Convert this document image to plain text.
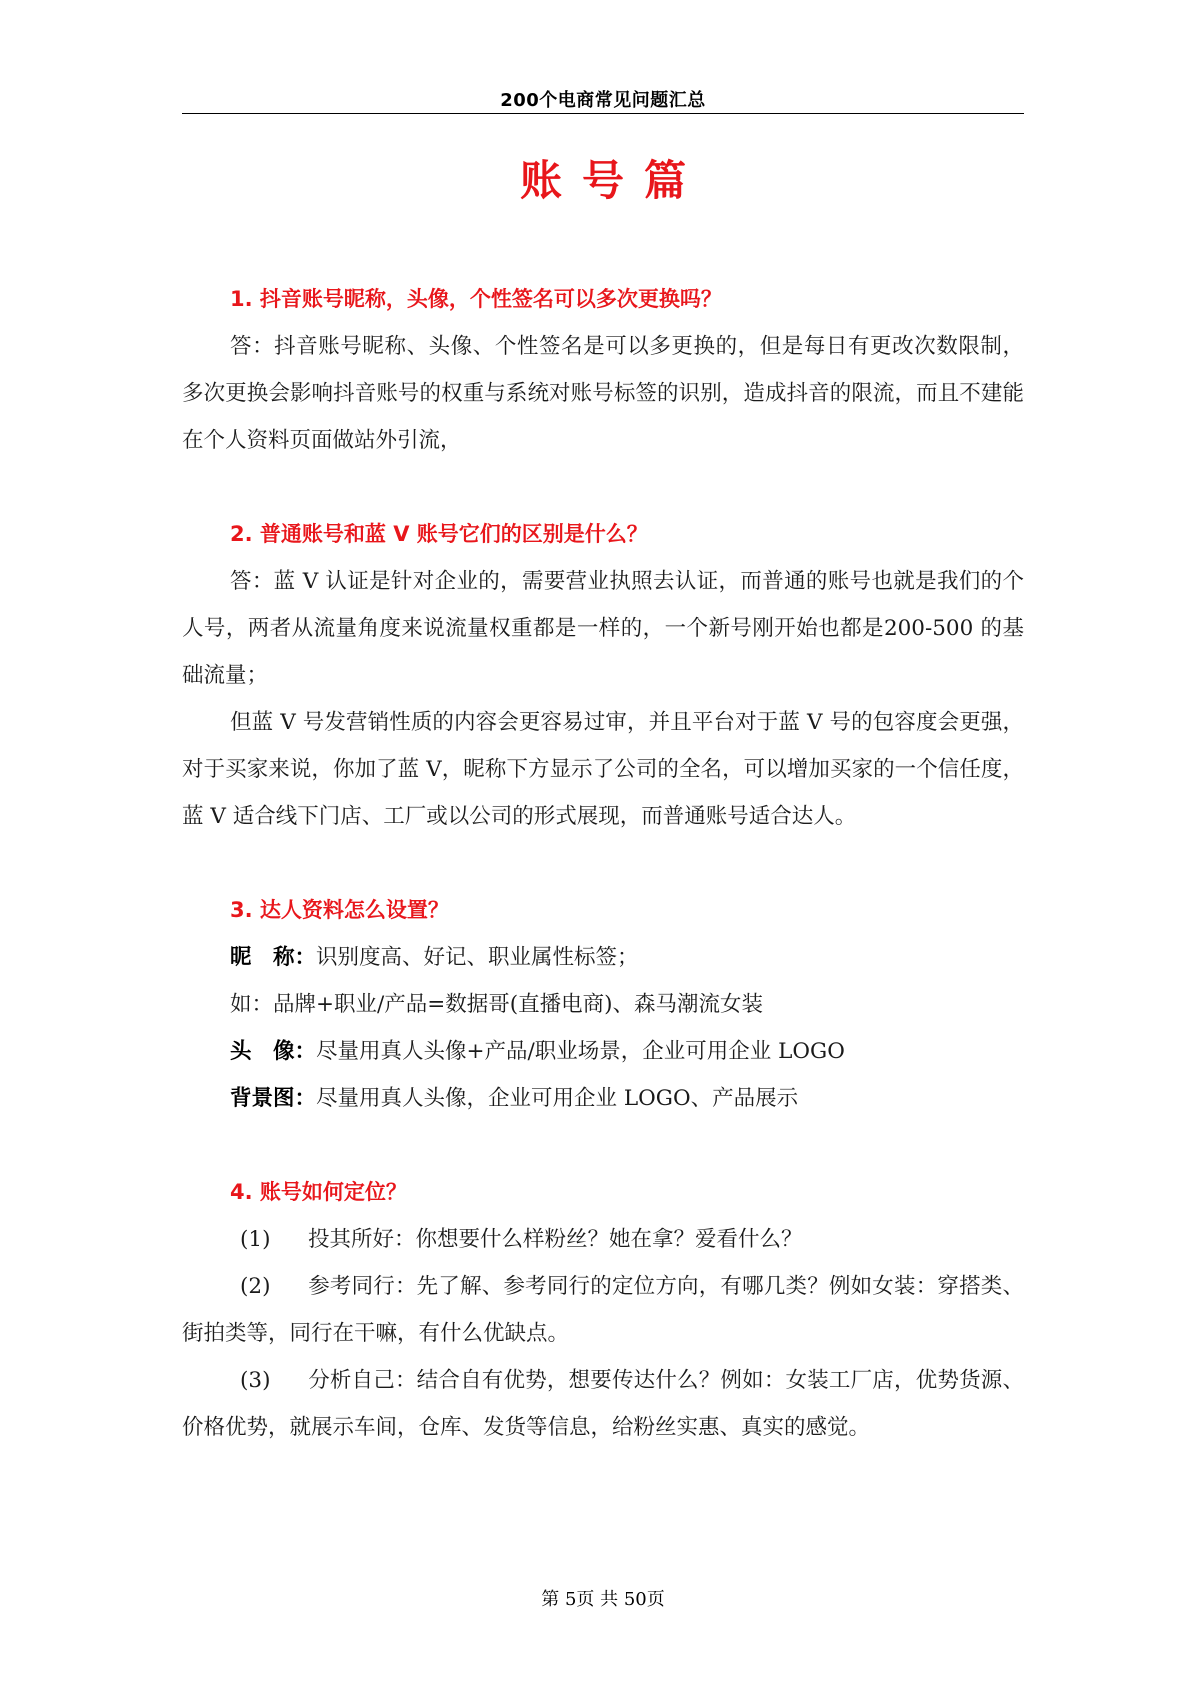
200个电商常见问题汇总
账号篇
1. 抖音账号昵称，头像，个性签名可以多次更换吗？

答：抖音账号昵称、头像、个性签名是可以多更换的，但是每日有更改次数限制，多次更换会影响抖音账号的权重与系统对账号标签的识别，造成抖音的限流，而且不建能在个人资料页面做站外引流，

2. 普通账号和蓝 V 账号它们的区别是什么？

答：蓝 V 认证是针对企业的，需要营业执照去认证，而普通的账号也就是我们的个人号，两者从流量角度来说流量权重都是一样的，一个新号刚开始也都是200-500 的基础流量；

但蓝 V 号发营销性质的内容会更容易过审，并且平台对于蓝 V 号的包容度会更强，对于买家来说，你加了蓝 V，昵称下方显示了公司的全名，可以增加买家的一个信任度，蓝 V 适合线下门店、工厂或以公司的形式展现，而普通账号适合达人。

3. 达人资料怎么设置？
昵　称：识别度高、好记、职业属性标签；
如：品牌+职业/产品=数据哥(直播电商)、森马潮流女装
头　像：尽量用真人头像+产品/职业场景，企业可用企业 LOGO
背景图：尽量用真人头像，企业可用企业 LOGO、产品展示
4. 账号如何定位？
(1) 投其所好：你想要什么样粉丝？她在拿？爱看什么？
(2) 参考同行：先了解、参考同行的定位方向，有哪几类？例如女装：穿搭类、街拍类等，同行在干嘛，有什么优缺点。
(3) 分析自己：结合自有优势，想要传达什么？例如：女装工厂店，优势货源、价格优势，就展示车间，仓库、发货等信息，给粉丝实惠、真实的感觉。
第 5页 共 50页
